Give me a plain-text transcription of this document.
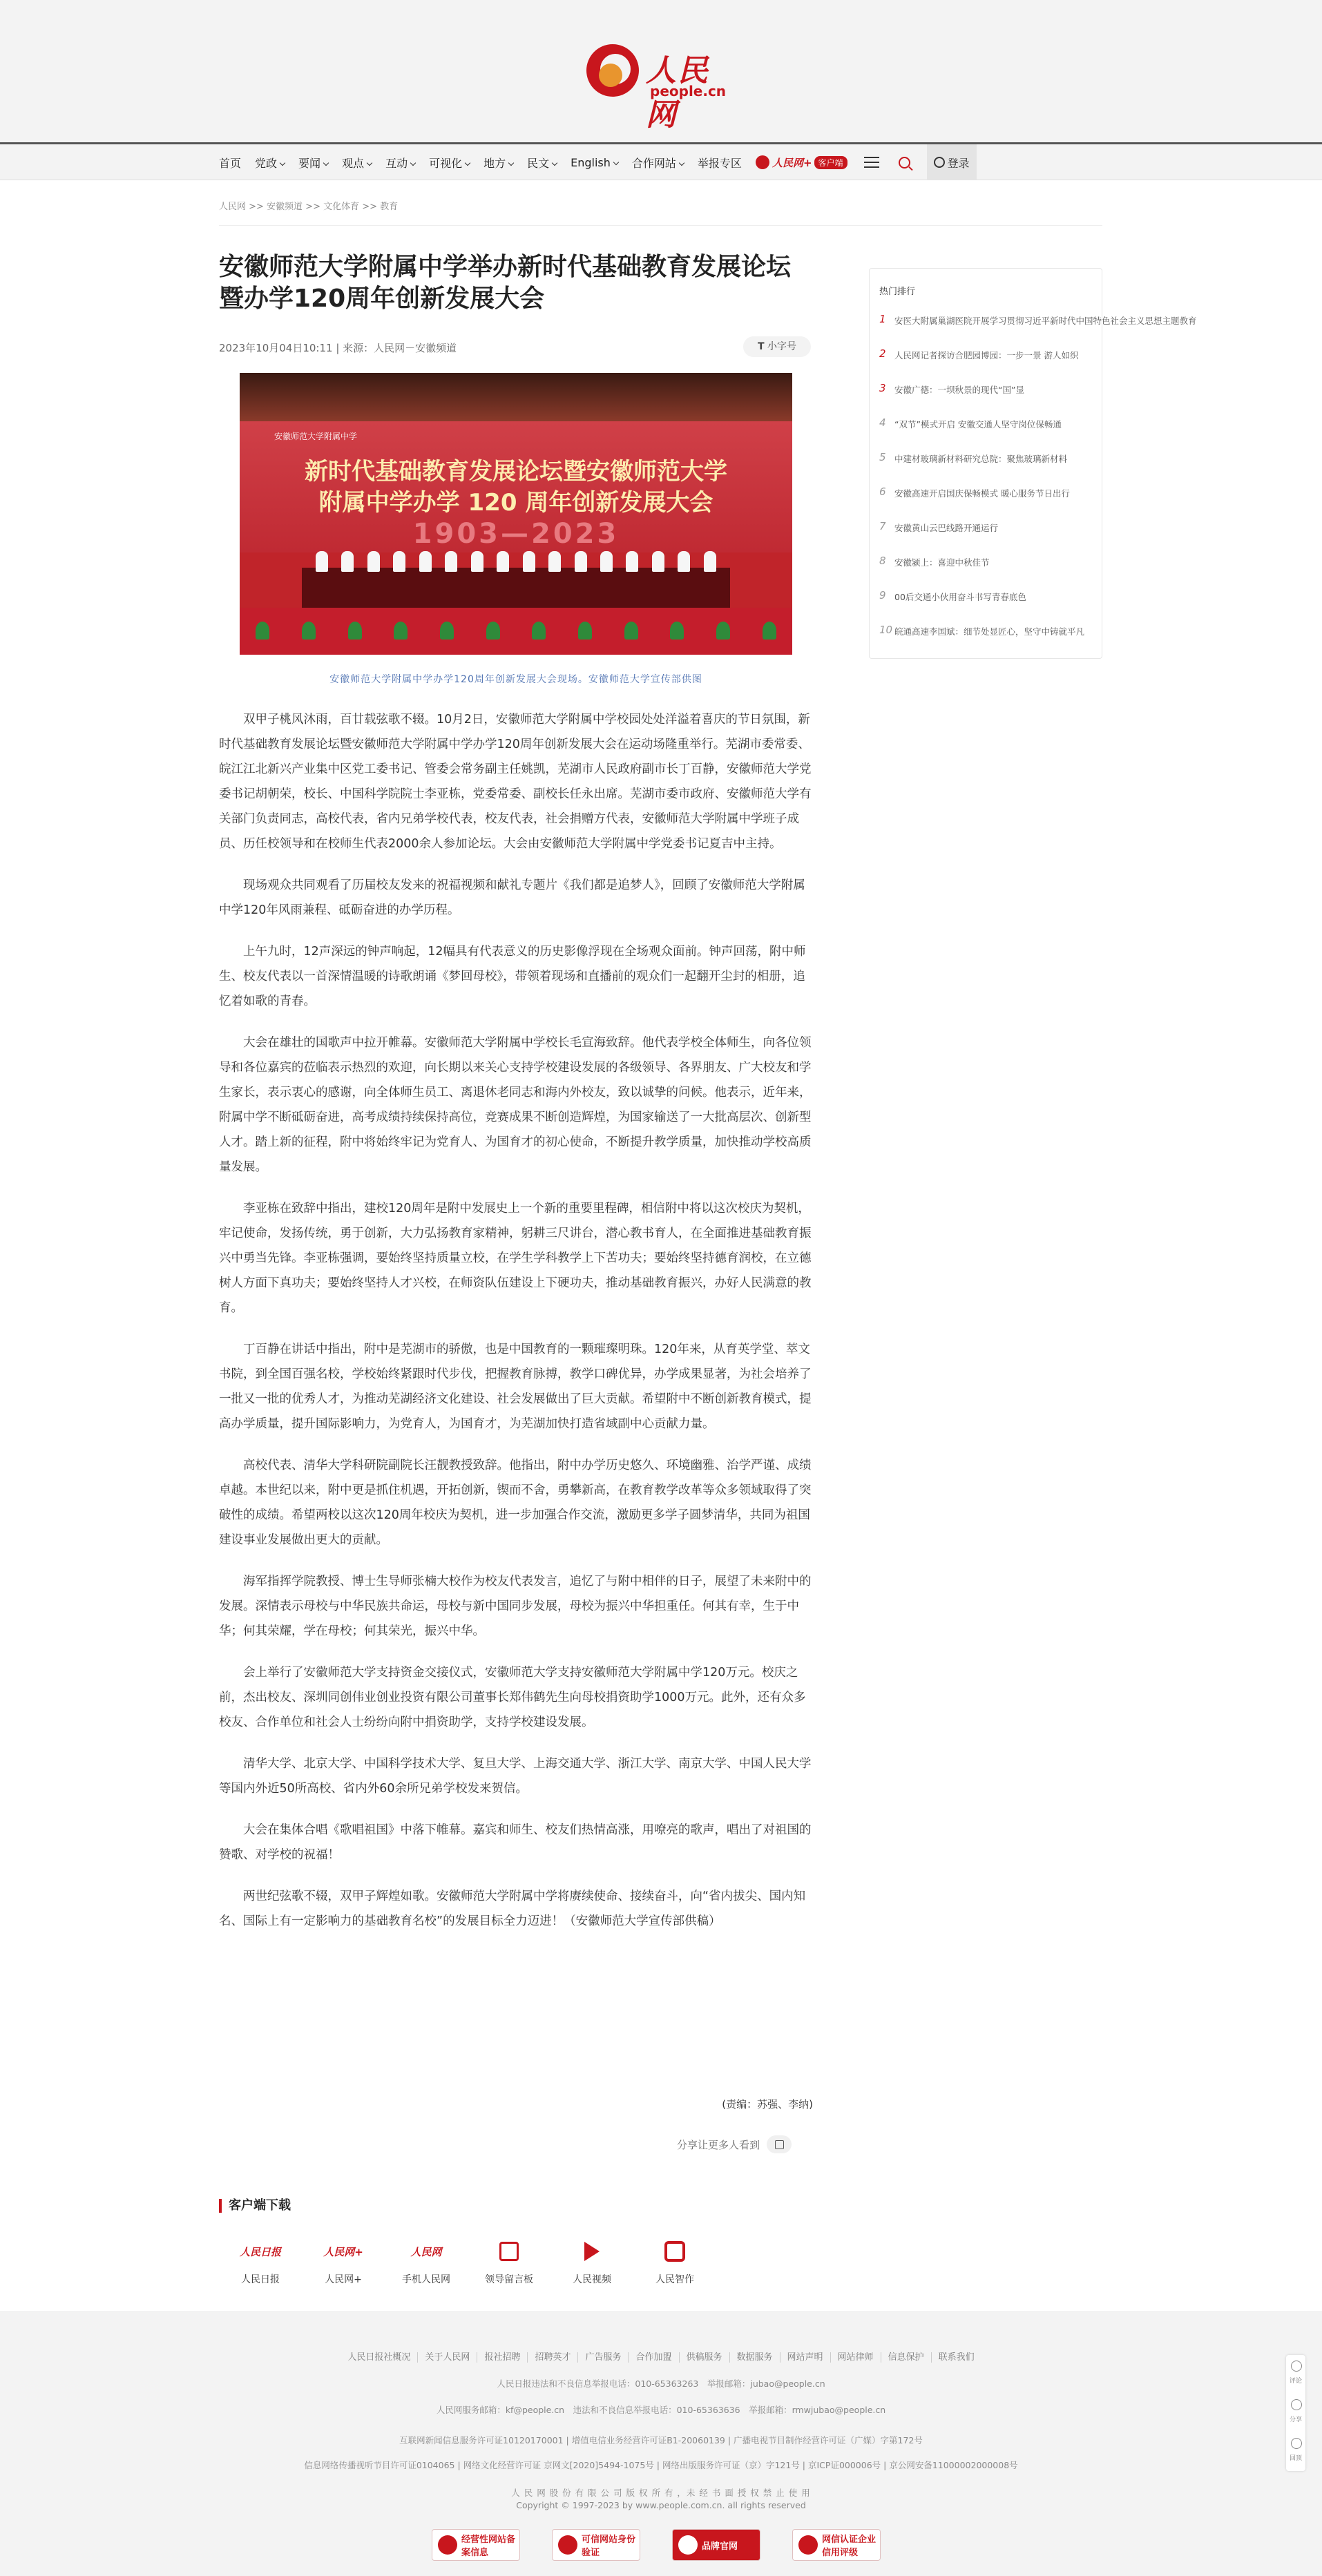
人民网
people.cn
首页 党政	要闻	观点	互动	可视化	地方	民文	English	合作网站	举报专区	人民网+ 客户端	登录
人民网 >> 安徽频道 >> 文化体育 >> 教育
安徽师范大学附属中学举办新时代基础教育发展论坛暨办学120周年创新发展大会
2023年10月04日10:11 | 来源：人民网－安徽频道	T 小字号
安徽师范大学附属中学
新时代基础教育发展论坛暨安徽师范大学
附属中学办学 120 周年创新发展大会
1903—2023
安徽师范大学附属中学办学120周年创新发展大会现场。安徽师范大学宣传部供图

双甲子桃风沐雨，百廿载弦歌不辍。10月2日，安徽师范大学附属中学校园处处洋溢着喜庆的节日氛围，新时代基础教育发展论坛暨安徽师范大学附属中学办学120周年创新发展大会在运动场隆重举行。芜湖市委常委、皖江江北新兴产业集中区党工委书记、管委会常务副主任姚凯，芜湖市人民政府副市长丁百静，安徽师范大学党委书记胡朝荣，校长、中国科学院院士李亚栋，党委常委、副校长任永出席。芜湖市委市政府、安徽师范大学有关部门负责同志，高校代表，省内兄弟学校代表，校友代表，社会捐赠方代表，安徽师范大学附属中学班子成员、历任校领导和在校师生代表2000余人参加论坛。大会由安徽师范大学附属中学党委书记夏吉中主持。

现场观众共同观看了历届校友发来的祝福视频和献礼专题片《我们都是追梦人》，回顾了安徽师范大学附属中学120年风雨兼程、砥砺奋进的办学历程。

上午九时，12声深远的钟声响起，12幅具有代表意义的历史影像浮现在全场观众面前。钟声回荡，附中师生、校友代表以一首深情温暖的诗歌朗诵《梦回母校》，带领着现场和直播前的观众们一起翻开尘封的相册，追忆着如歌的青春。

大会在雄壮的国歌声中拉开帷幕。安徽师范大学附属中学校长毛宣海致辞。他代表学校全体师生，向各位领导和各位嘉宾的莅临表示热烈的欢迎，向长期以来关心支持学校建设发展的各级领导、各界朋友、广大校友和学生家长，表示衷心的感谢，向全体师生员工、离退休老同志和海内外校友，致以诚挚的问候。他表示，近年来，附属中学不断砥砺奋进，高考成绩持续保持高位，竞赛成果不断创造辉煌，为国家输送了一大批高层次、创新型人才。踏上新的征程，附中将始终牢记为党育人、为国育才的初心使命，不断提升教学质量，加快推动学校高质量发展。

李亚栋在致辞中指出，建校120周年是附中发展史上一个新的重要里程碑，相信附中将以这次校庆为契机，牢记使命，发扬传统，勇于创新，大力弘扬教育家精神，躬耕三尺讲台，潜心教书育人，在全面推进基础教育振兴中勇当先锋。李亚栋强调，要始终坚持质量立校，在学生学科教学上下苦功夫；要始终坚持德育润校，在立德树人方面下真功夫；要始终坚持人才兴校，在师资队伍建设上下硬功夫，推动基础教育振兴，办好人民满意的教育。

丁百静在讲话中指出，附中是芜湖市的骄傲，也是中国教育的一颗璀璨明珠。120年来，从育英学堂、萃文书院，到全国百强名校，学校始终紧跟时代步伐，把握教育脉搏，教学口碑优异，办学成果显著，为社会培养了一批又一批的优秀人才，为推动芜湖经济文化建设、社会发展做出了巨大贡献。希望附中不断创新教育模式，提高办学质量，提升国际影响力，为党育人，为国育才，为芜湖加快打造省域副中心贡献力量。

高校代表、清华大学科研院副院长汪靓教授致辞。他指出，附中办学历史悠久、环境幽雅、治学严谨、成绩卓越。本世纪以来，附中更是抓住机遇，开拓创新，锲而不舍，勇攀新高，在教育教学改革等众多领域取得了突破性的成绩。希望两校以这次120周年校庆为契机，进一步加强合作交流，激励更多学子圆梦清华，共同为祖国建设事业发展做出更大的贡献。

海军指挥学院教授、博士生导师张楠大校作为校友代表发言，追忆了与附中相伴的日子，展望了未来附中的发展。深情表示母校与中华民族共命运，母校与新中国同步发展，母校为振兴中华担重任。何其有幸，生于中华；何其荣耀，学在母校；何其荣光，振兴中华。

会上举行了安徽师范大学支持资金交接仪式，安徽师范大学支持安徽师范大学附属中学120万元。校庆之前，杰出校友、深圳同创伟业创业投资有限公司董事长郑伟鹤先生向母校捐资助学1000万元。此外，还有众多校友、合作单位和社会人士纷纷向附中捐资助学，支持学校建设发展。

清华大学、北京大学、中国科学技术大学、复旦大学、上海交通大学、浙江大学、南京大学、中国人民大学等国内外近50所高校、省内外60余所兄弟学校发来贺信。

大会在集体合唱《歌唱祖国》中落下帷幕。嘉宾和师生、校友们热情高涨，用嘹亮的歌声，唱出了对祖国的赞歌、对学校的祝福！

两世纪弦歌不辍，双甲子辉煌如歌。安徽师范大学附属中学将赓续使命、接续奋斗，向“省内拔尖、国内知名、国际上有一定影响力的基础教育名校”的发展目标全力迈进！（安徽师范大学宣传部供稿）

(责编：苏强、李纳)
分享让更多人看到
客户端下载
人民日报
人民日报
人民网+
人民网+
人民网
手机人民网	领导留言板	人民视频	人民智作
热门排行
1 安医大附属巢湖医院开展学习贯彻习近平新时代中国特色社会主义思想主题教育
2 人民网记者探访合肥园博园：一步一景 游人如织
3 安徽广德：一坝秋景的现代“国”显
4 “双节”模式开启 安徽交通人坚守岗位保畅通
5 中建材玻璃新材料研究总院：聚焦玻璃新材料
6 安徽高速开启国庆保畅模式 暖心服务节日出行
7 安徽黄山云巴线路开通运行
8 安徽颍上：喜迎中秋佳节
9 00后交通小伙用奋斗书写青春底色
10 皖通高速李国斌：细节处显匠心，坚守中铸就平凡
人民日报社概况 关于人民网 报社招聘 招聘英才 广告服务 合作加盟 供稿服务 数据服务 网站声明 网站律师 信息保护 联系我们
人民日报违法和不良信息举报电话：010-65363263　举报邮箱：jubao@people.cn
人民网服务邮箱：kf@people.cn　违法和不良信息举报电话：010-65363636　举报邮箱：rmwjubao@people.cn
互联网新闻信息服务许可证10120170001 | 增值电信业务经营许可证B1-20060139 | 广播电视节目制作经营许可证（广媒）字第172号
信息网络传播视听节目许可证0104065 | 网络文化经营许可证 京网文[2020]5494-1075号 | 网络出版服务许可证（京）字121号 | 京ICP证000006号 | 京公网安备11000002000008号
人 民 网 股 份 有 限 公 司 版 权 所 有 ，未 经 书 面 授 权 禁 止 使 用
Copyright © 1997-2023 by www.people.com.cn. all rights reserved
经营性网站备案信息
可信网站身份验证
品牌官网
网信认证企业信用评级
评论
分享
回顶
